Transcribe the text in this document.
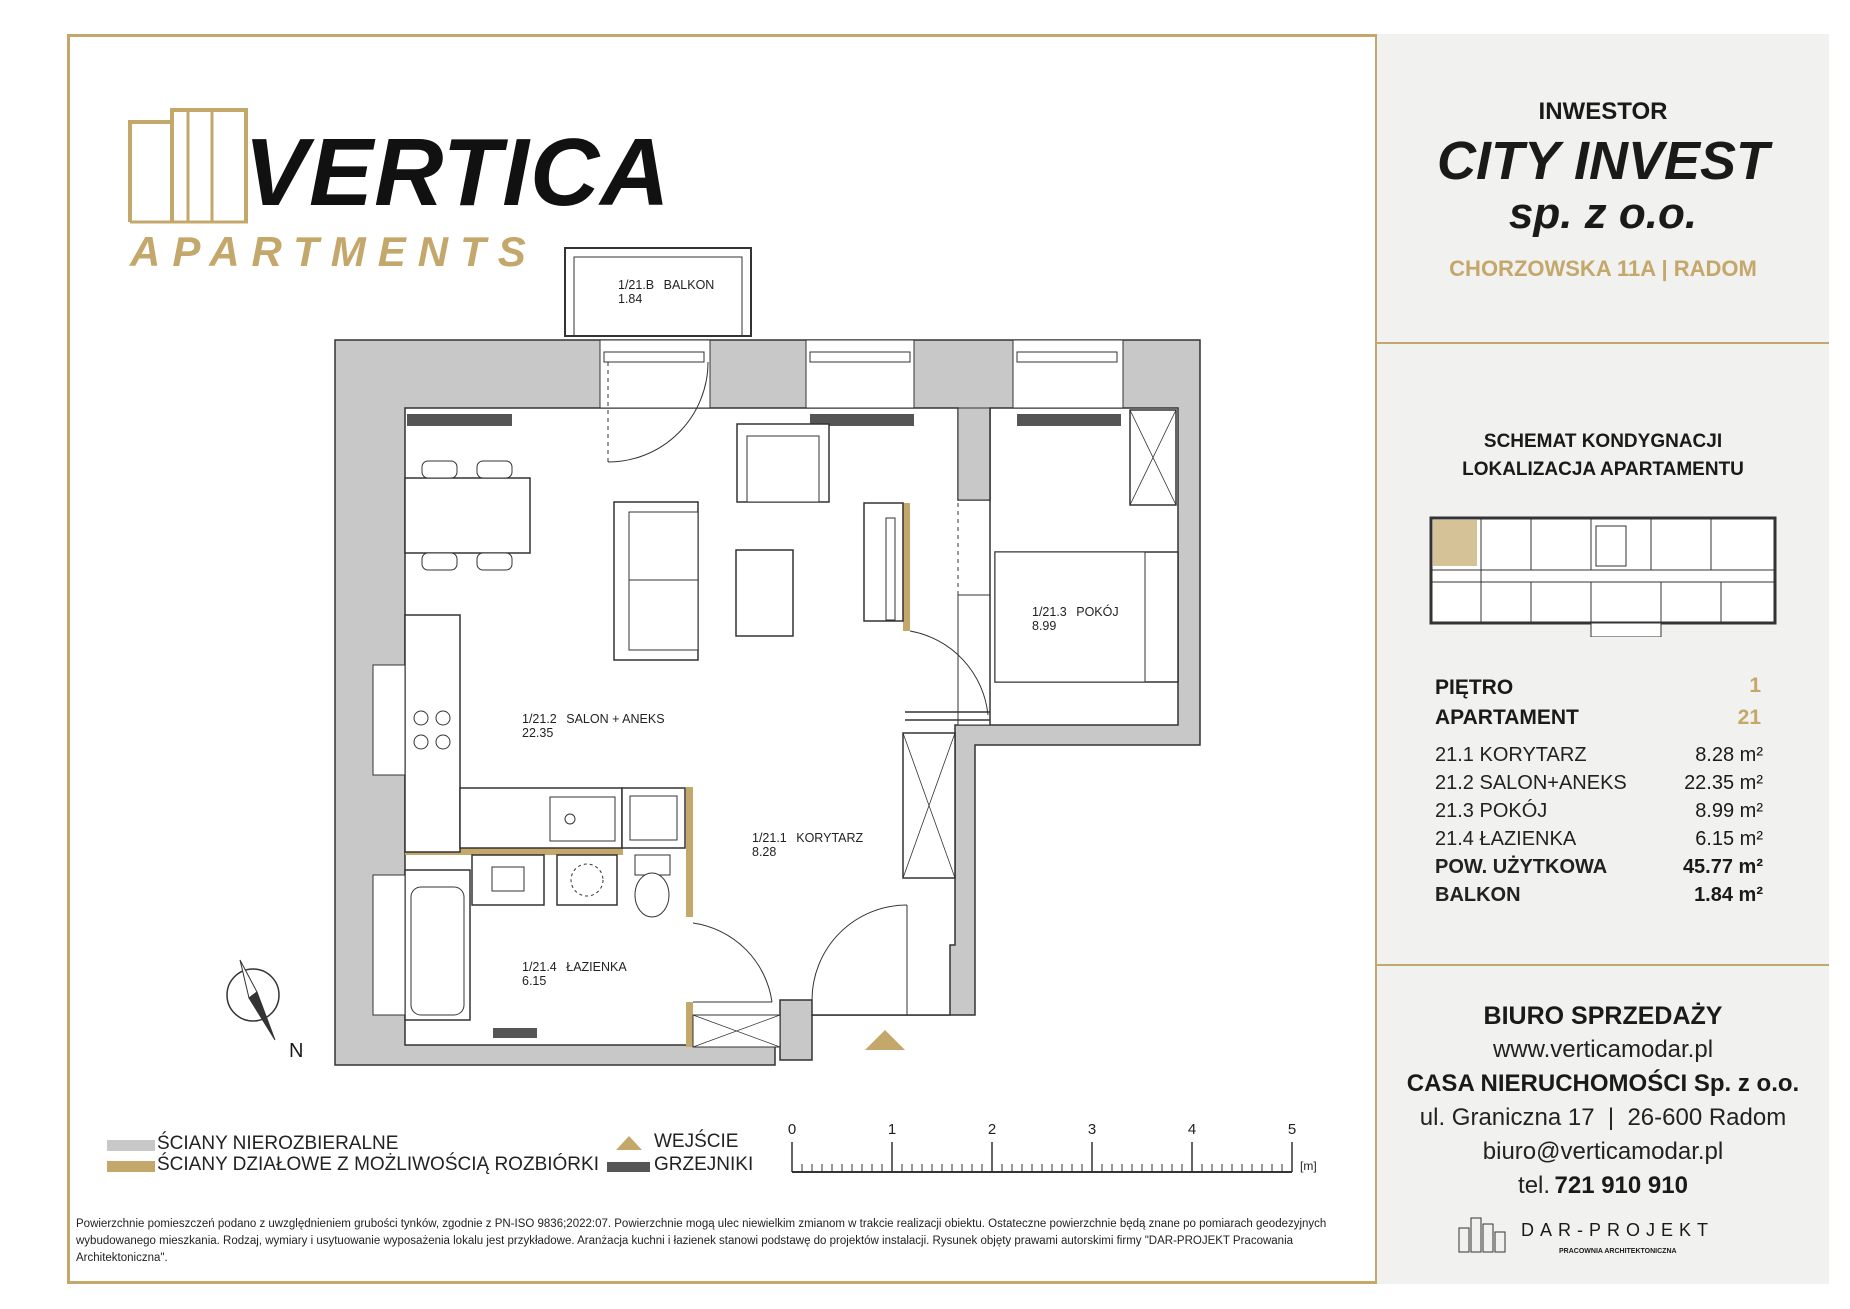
VERTICA
APARTMENTS
1/21.B BALKON
1.84
1/21.3 POKÓJ
8.99
1/21.2 SALON + ANEKS
22.35
1/21.1 KORYTARZ
8.28
1/21.4 ŁAZIENKA
6.15
N
ŚCIANY NIEROZBIERALNE
ŚCIANY DZIAŁOWE Z MOŻLIWOŚCIĄ ROZBIÓRKI
WEJŚCIE
GRZEJNIKI
0	1	2	3	4	5
[m]
Powierzchnie pomieszczeń podano z uwzględnieniem grubości tynków, zgodnie z PN-ISO 9836;2022:07. Powierzchnie mogą ulec niewielkim zmianom w trakcie realizacji obiektu. Ostateczne powierzchnie będą znane po pomiarach geodezyjnych wybudowanego mieszkania. Rodzaj, wymiary i usytuowanie wyposażenia lokalu jest przykładowe. Aranżacja kuchni i łazienek stanowi podstawę do projektów instalacji. Rysunek objęty prawami autorskimi firmy "DAR-PROJEKT Pracowania Architektoniczna".
INWESTOR
CITY INVEST
sp. z o.o.
CHORZOWSKA 11A | RADOM
SCHEMAT KONDYGNACJI
LOKALIZACJA APARTAMENTU
PIĘTRO	1
APARTAMENT	21
21.1 KORYTARZ	8.28 m²
21.2 SALON+ANEKS	22.35 m²
21.3 POKÓJ	8.99 m²
21.4 ŁAZIENKA	6.15 m²
POW. UŻYTKOWA	45.77 m²
BALKON	1.84 m²
BIURO SPRZEDAŻY
www.verticamodar.pl
CASA NIERUCHOMOŚCI Sp. z o.o.
ul. Graniczna 17  |  26-600 Radom
biuro@verticamodar.pl
tel. 721 910 910
DAR-PROJEKT
PRACOWNIA ARCHITEKTONICZNA
